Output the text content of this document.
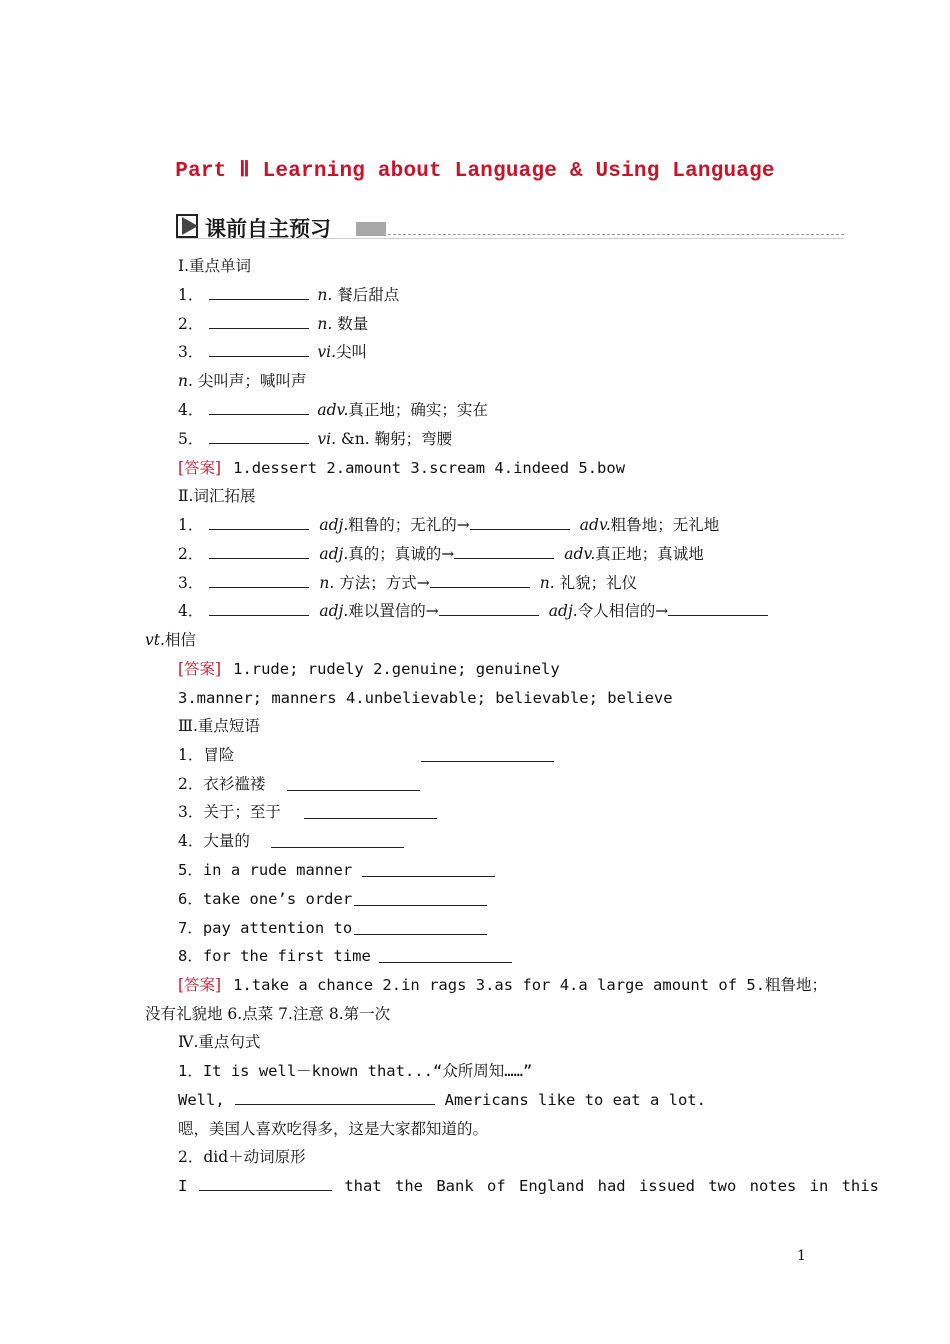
Part Ⅱ Learning about Language & Using Language
课前自主预习
Ⅰ.重点单词
1．	n. 餐后甜点
2．	n. 数量
3．	vi.尖叫
n. 尖叫声；喊叫声
4．	adv.真正地；确实；实在
5．	vi. &n. 鞠躬；弯腰
[答案] 1.dessert 2.amount 3.scream 4.indeed 5.bow
Ⅱ.词汇拓展
1．	adj.粗鲁的；无礼的→	adv.粗鲁地；无礼地
2．	adj.真的；真诚的→	adv.真正地；真诚地
3．	n. 方法；方式→	n. 礼貌；礼仪
4．	adj.难以置信的→	adj.令人相信的→
vt.相信
[答案] 1.rude; rudely 2.genuine; genuinely
3.manner; manners 4.unbelievable; believable; believe
Ⅲ.重点短语
1．冒险
2．衣衫褴褛
3．关于；至于
4．大量的
5．in a rude manner
6．take one’s order
7．pay attention to
8．for the first time
[答案] 1.take a chance 2.in rags 3.as for 4.a large amount of 5.粗鲁地；
没有礼貌地 6.点菜 7.注意 8.第一次
Ⅳ.重点句式
1．It is well－known that...“众所周知……”
Well,	Americans like to eat a lot.
嗯，美国人喜欢吃得多，这是大家都知道的。
2．did＋动词原形
I	that the Bank of England had issued two notes in this
1
